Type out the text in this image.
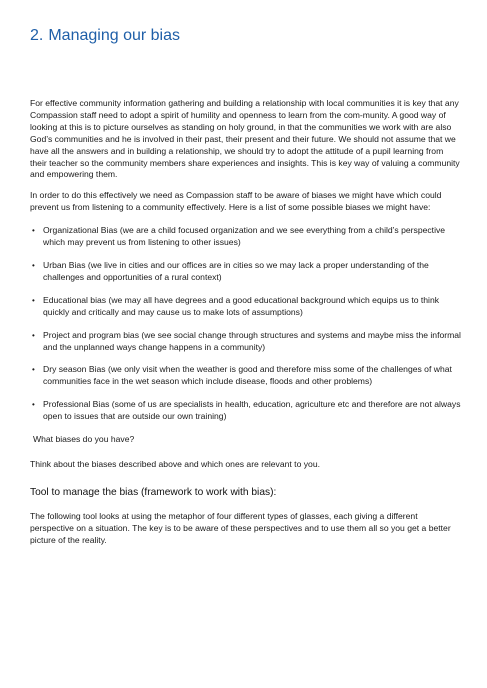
2. Managing our bias

For effective community information gathering and building a relationship with local communities it is key that any Compassion staff need to adopt a spirit of humility and openness to learn from the com-munity. A good way of looking at this is to picture ourselves as standing on holy ground, in that the communities we work with are also God’s communities and he is involved in their past, their present and their future. We should not assume that we have all the answers and in building a relationship, we should try to adopt the attitude of a pupil learning from their teacher so the community members share experiences and insights. This is key way of valuing a community and empowering them.

In order to do this effectively we need as Compassion staff to be aware of biases we might have which could prevent us from listening to a community effectively. Here is a list of some possible biases we might have:

• Organizational Bias (we are a child focused organization and we see everything from a child’s perspective which may prevent us from listening to other issues)
• Urban Bias (we live in cities and our offices are in cities so we may lack a proper understanding of the challenges and opportunities of a rural context)
• Educational bias (we may all have degrees and a good educational background which equips us to think quickly and critically and may cause us to make lots of assumptions)
• Project and program bias (we see social change through structures and systems and maybe miss the informal and the unplanned ways change happens in a community)
• Dry season Bias (we only visit when the weather is good and therefore miss some of the challenges of what communities face in the wet season which include disease, floods and other problems)
• Professional Bias (some of us are specialists in health, education, agriculture etc and therefore are not always open to issues that are outside our own training)

What biases do you have?

Think about the biases described above and which ones are relevant to you.

Tool to manage the bias (framework to work with bias):

The following tool looks at using the metaphor of four different types of glasses, each giving a different perspective on a situation. The key is to be aware of these perspectives and to use them all so you get a better picture of the reality.
